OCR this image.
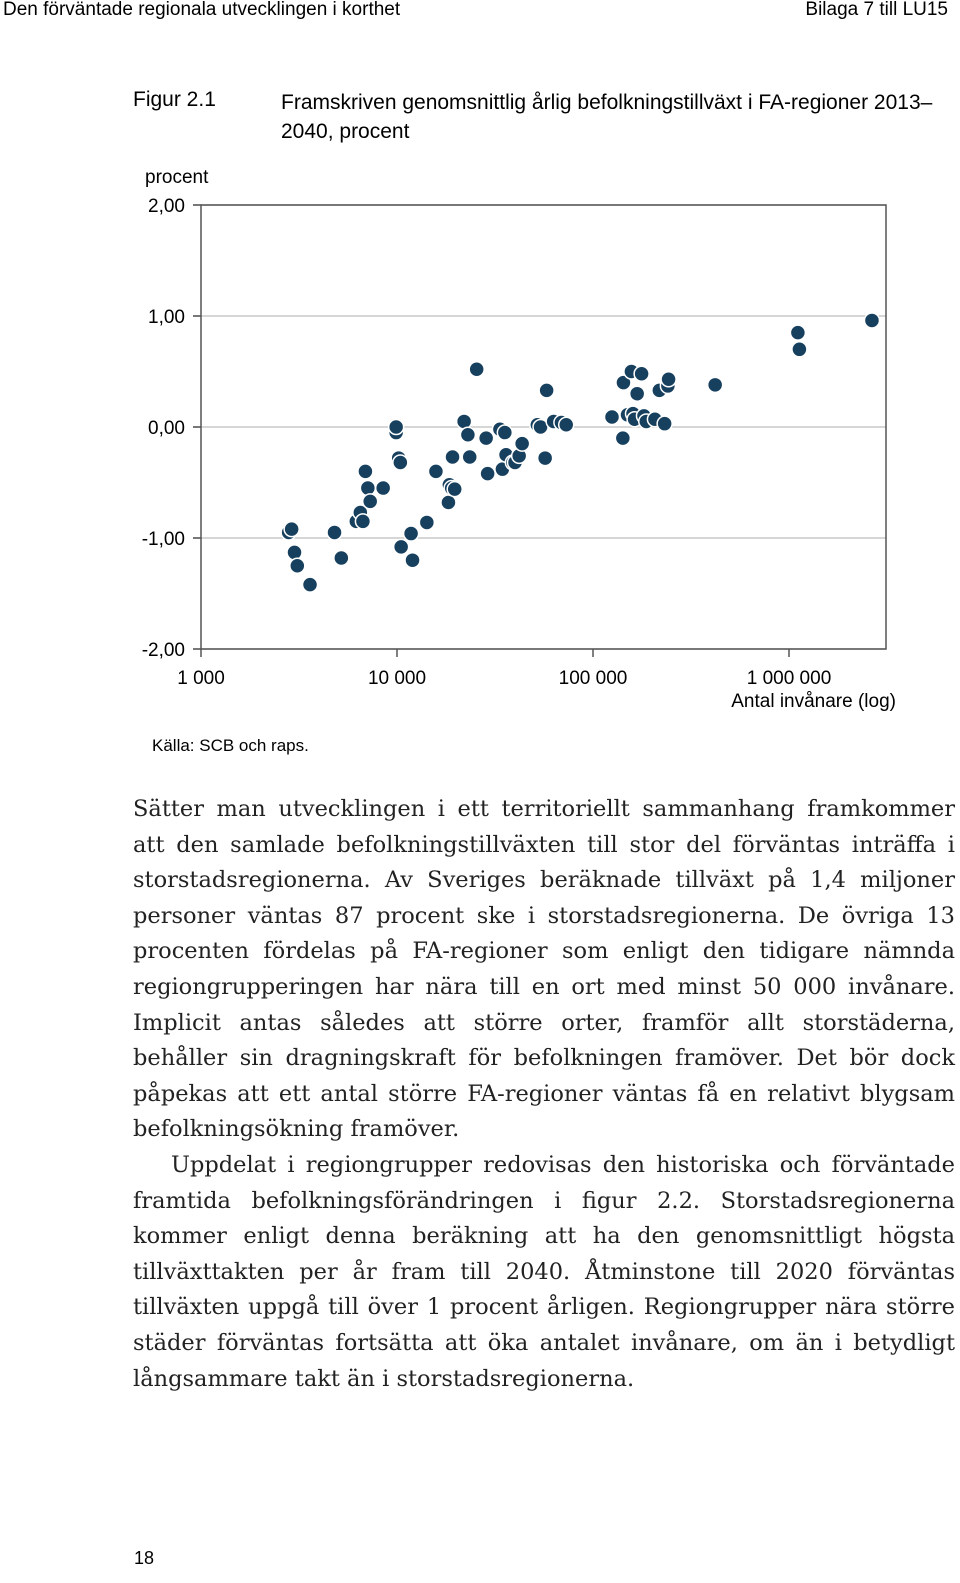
Den förväntade regionala utvecklingen i korthet	Bilaga 7 till LU15
Figur 2.1	Framskriven genomsnittlig årlig befolkningstillväxt i FA-regioner 2013–2040, procent
procent
Antal invånare (log)
2,00
1,00
0,00
-1,00
-2,00
1 000	10 000	100 000	1 000 000
Källa: SCB och raps.

Sätter man utvecklingen i ett territoriellt sammanhang framkommer att den samlade befolkningstillväxten till stor del förväntas inträffa i storstadsregionerna. Av Sveriges beräknade tillväxt på 1,4 miljoner personer väntas 87 procent ske i storstadsregionerna. De övriga 13 procenten fördelas på FA-regioner som enligt den tidigare nämnda regiongrupperingen har nära till en ort med minst 50 000 invånare. Implicit antas således att större orter, framför allt storstäderna, behåller sin dragningskraft för befolkningen framöver. Det bör dock påpekas att ett antal större FA-regioner väntas få en relativt blygsam befolkningsökning framöver.

Uppdelat i regiongrupper redovisas den historiska och förväntade framtida befolkningsförändringen i figur 2.2. Storstadsregionerna kommer enligt denna beräkning att ha den genomsnittligt högsta tillväxttakten per år fram till 2040. Åtminstone till 2020 förväntas tillväxten uppgå till över 1 procent årligen. Regiongrupper nära större städer förväntas fortsätta att öka antalet invånare, om än i betydligt långsammare takt än i storstadsregionerna.

18
